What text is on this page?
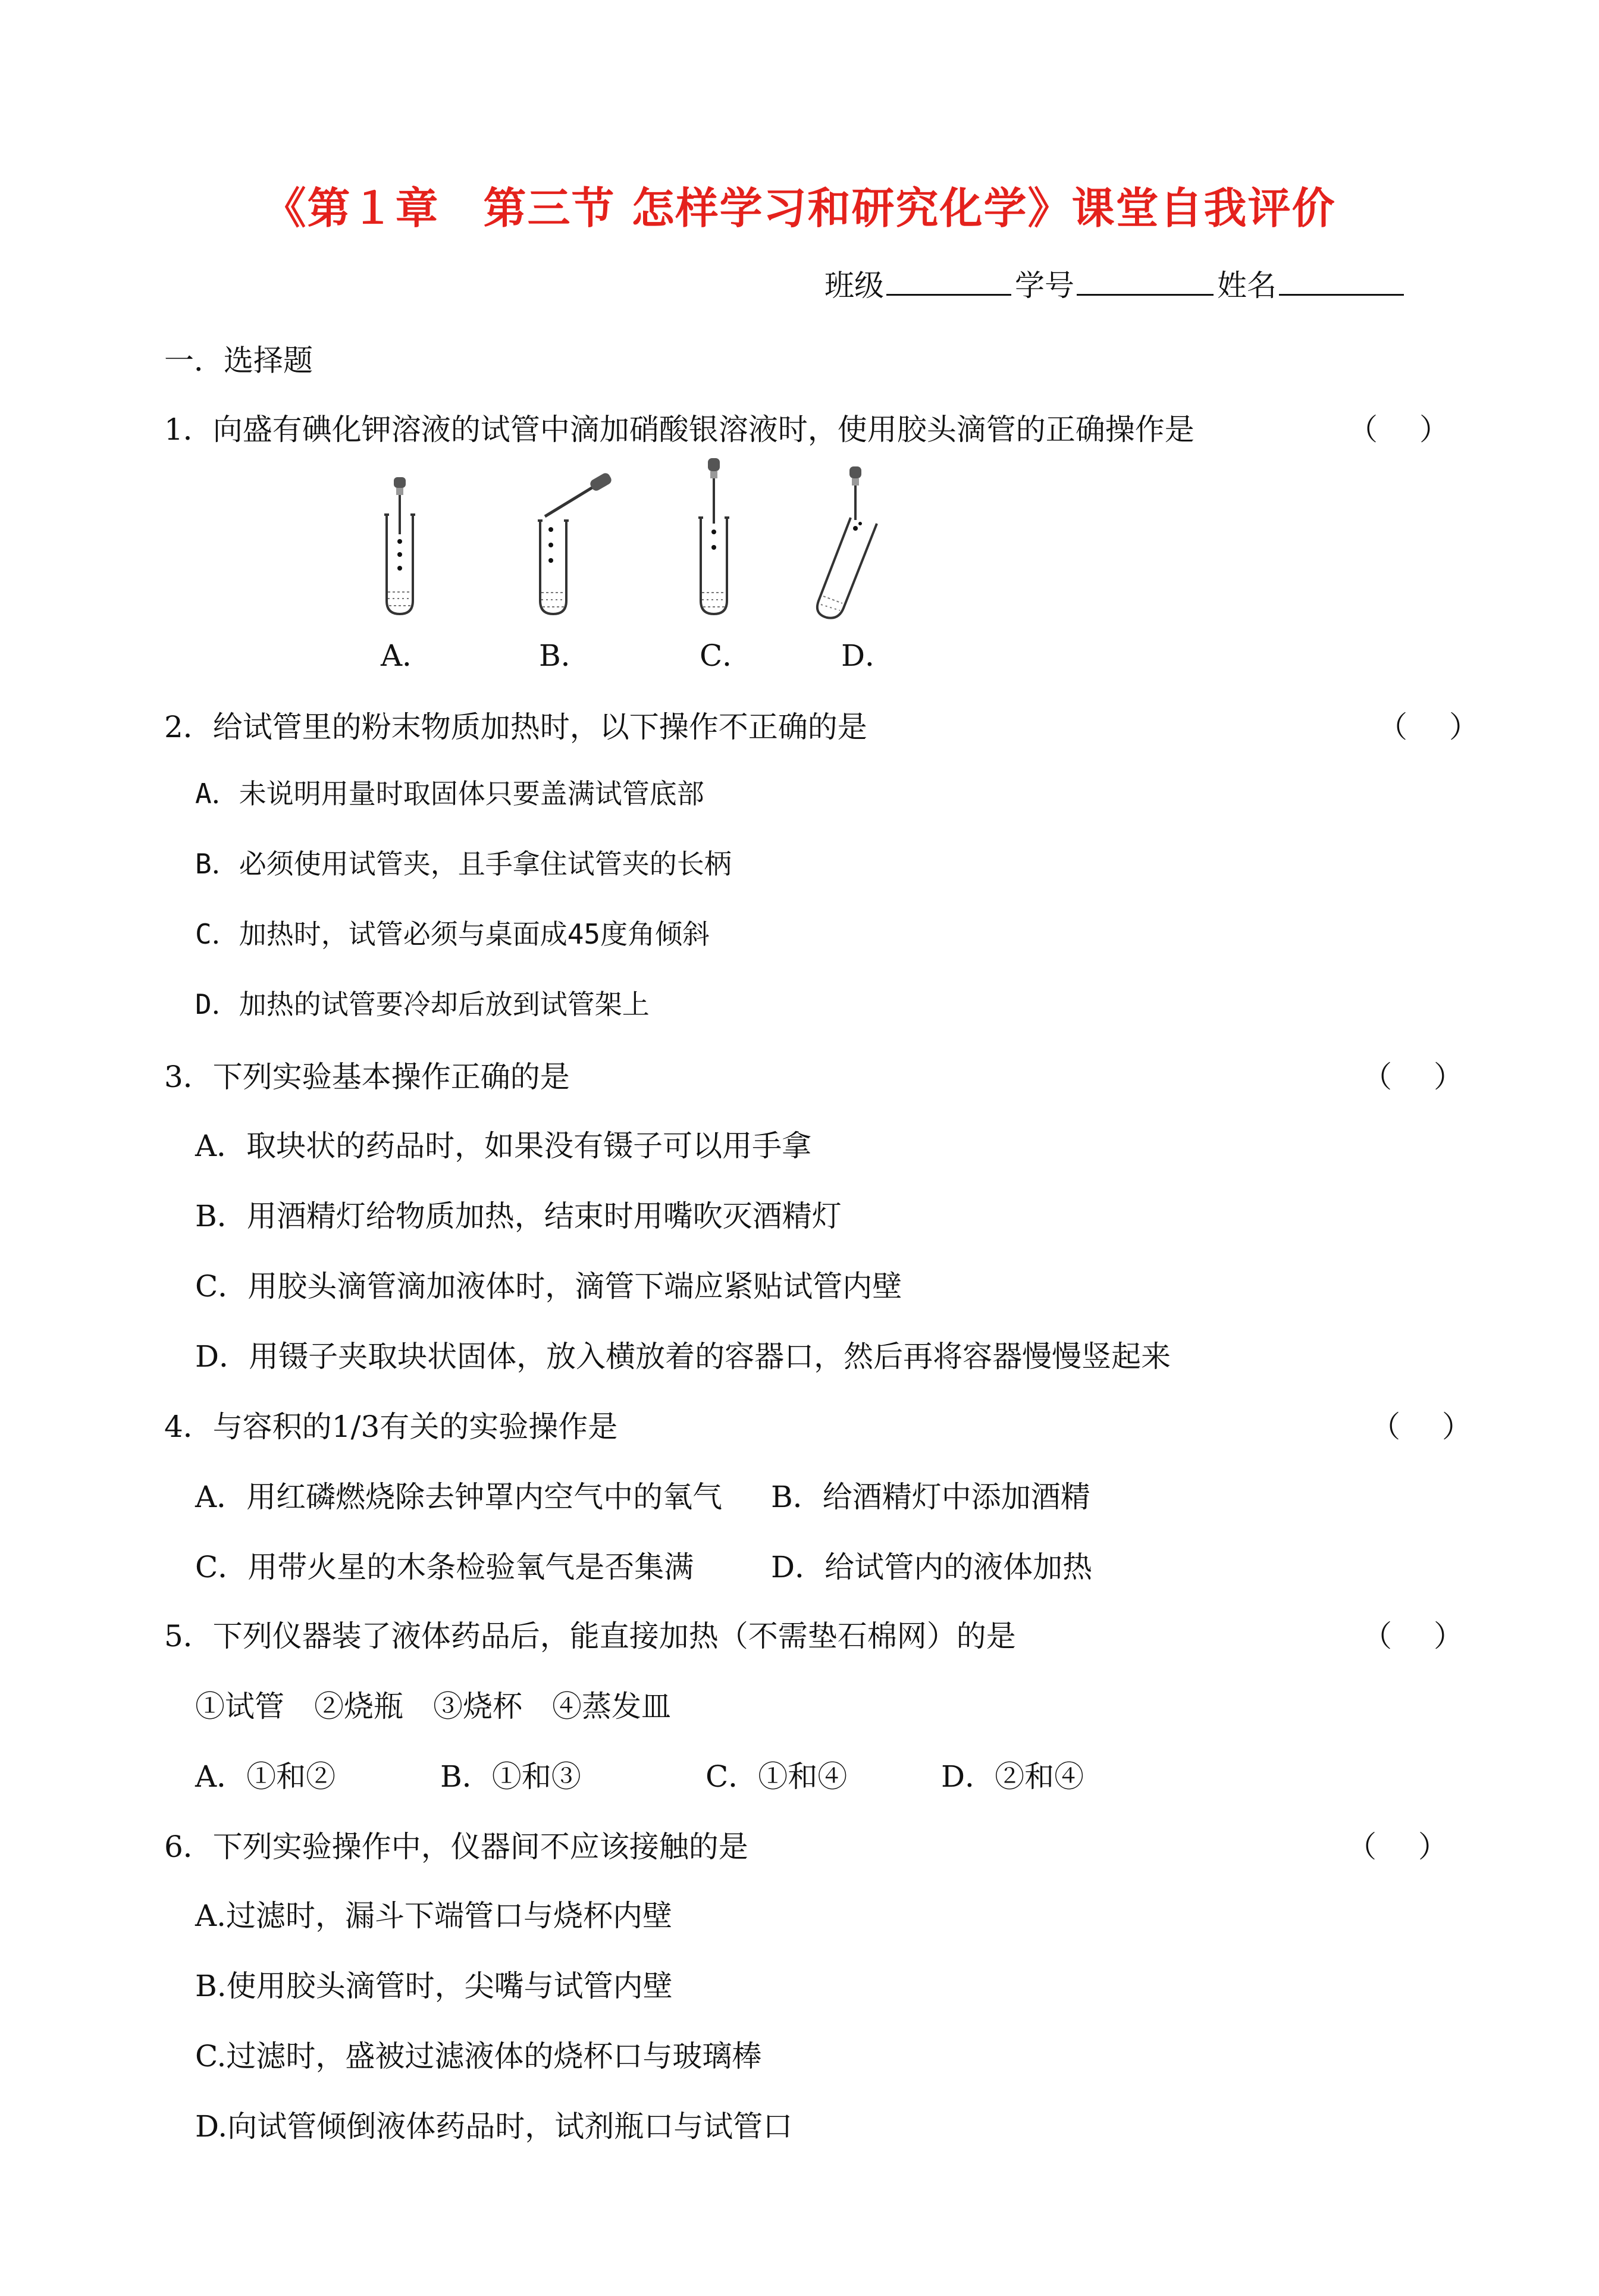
《第１章　第三节 怎样学习和研究化学》课堂自我评价
班级	学号	姓名
一．选择题
1．向盛有碘化钾溶液的试管中滴加硝酸银溶液时，使用胶头滴管的正确操作是	（ ）
A．	B．	C．	D．
2．给试管里的粉末物质加热时，以下操作不正确的是	（ ）
A．未说明用量时取固体只要盖满试管底部
B．必须使用试管夹，且手拿住试管夹的长柄
C．加热时，试管必须与桌面成45度角倾斜
D．加热的试管要冷却后放到试管架上
3．下列实验基本操作正确的是	（ ）
A．取块状的药品时，如果没有镊子可以用手拿
B．用酒精灯给物质加热，结束时用嘴吹灭酒精灯
C．用胶头滴管滴加液体时，滴管下端应紧贴试管内壁
D．用镊子夹取块状固体，放入横放着的容器口，然后再将容器慢慢竖起来
4．与容积的1/3有关的实验操作是	（ ）
A．用红磷燃烧除去钟罩内空气中的氧气 B．给酒精灯中添加酒精
C．用带火星的木条检验氧气是否集满	D．给试管内的液体加热
5．下列仪器装了液体药品后，能直接加热（不需垫石棉网）的是	（ ）
①试管　②烧瓶　③烧杯　④蒸发皿
A．①和②	B．①和③	C．①和④	D．②和④
6．下列实验操作中，仪器间不应该接触的是	（ ）
A.过滤时，漏斗下端管口与烧杯内壁
B.使用胶头滴管时，尖嘴与试管内壁
C.过滤时，盛被过滤液体的烧杯口与玻璃棒
D.向试管倾倒液体药品时，试剂瓶口与试管口
